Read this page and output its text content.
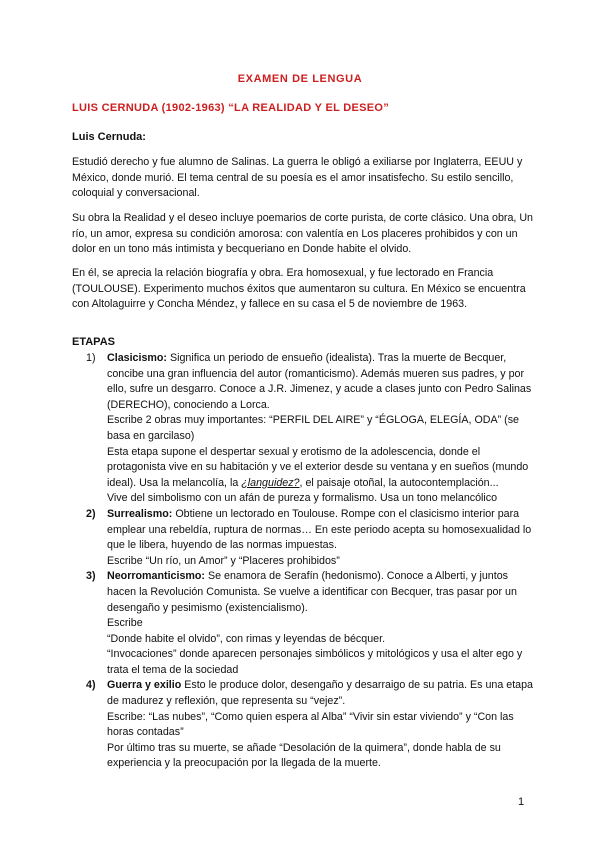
EXAMEN DE LENGUA
LUIS CERNUDA (1902-1963) “LA REALIDAD Y EL DESEO”
Luis Cernuda:
Estudió derecho y fue alumno de Salinas. La guerra le obligó a exiliarse por Inglaterra, EEUU y México, donde murió. El tema central de su poesía es el amor insatisfecho. Su estilo sencillo, coloquial y conversacional.
Su obra la Realidad y el deseo incluye poemarios de corte purista, de corte clásico. Una obra, Un río, un amor, expresa su condición amorosa: con valentía en Los placeres prohibidos y con un dolor en un tono más intimista y becqueriano en Donde habite el olvido.
En él, se aprecia la relación biografía y obra. Era homosexual, y fue lectorado en Francia (TOULOUSE). Experimento muchos éxitos que aumentaron su cultura. En México se encuentra con Altolaguirre y Concha Méndez, y fallece en su casa el 5 de noviembre de 1963.
ETAPAS
1) Clasicismo: Significa un periodo de ensueño (idealista). Tras la muerte de Becquer, concibe una gran influencia del autor (romanticismo). Además mueren sus padres, y por ello, sufre un desgarro. Conoce a J.R. Jimenez, y acude a clases junto con Pedro Salinas (DERECHO), conociendo a Lorca.
Escribe 2 obras muy importantes: “PERFIL DEL AIRE” y “ÉGLOGA, ELEGÍA, ODA” (se basa en garcilaso)
Esta etapa supone el despertar sexual y erotismo de la adolescencia, donde el protagonista vive en su habitación y ve el exterior desde su ventana y en sueños (mundo ideal). Usa la melancolía, la ¿languidez?, el paisaje otoñal, la autocontemplación...
Vive del simbolismo con un afán de pureza y formalismo. Usa un tono melancólico
2) Surrealismo: Obtiene un lectorado en Toulouse. Rompe con el clasicismo interior para emplear una rebeldía, ruptura de normas… En este periodo acepta su homosexualidad lo que le libera, huyendo de las normas impuestas.
Escribe “Un río, un Amor” y “Placeres prohibidos”
3) Neorromanticismo: Se enamora de Serafín (hedonismo). Conoce a Alberti, y juntos hacen la Revolución Comunista. Se vuelve a identificar con Becquer, tras pasar por un desengaño y pesimismo (existencialismo).
Escribe
“Donde habite el olvido”, con rimas y leyendas de bécquer.
“Invocaciones” donde aparecen personajes simbólicos y mitológicos y usa el alter ego y trata el tema de la sociedad
4) Guerra y exilio Esto le produce dolor, desengaño y desarraigo de su patria. Es una etapa de madurez y reflexión, que representa su “vejez”.
Escribe: “Las nubes”, “Como quien espera al Alba” “Vivir sin estar viviendo” y “Con las horas contadas”
Por último tras su muerte, se añade “Desolación de la quimera”, donde habla de su experiencia y la preocupación por la llegada de la muerte.
1
